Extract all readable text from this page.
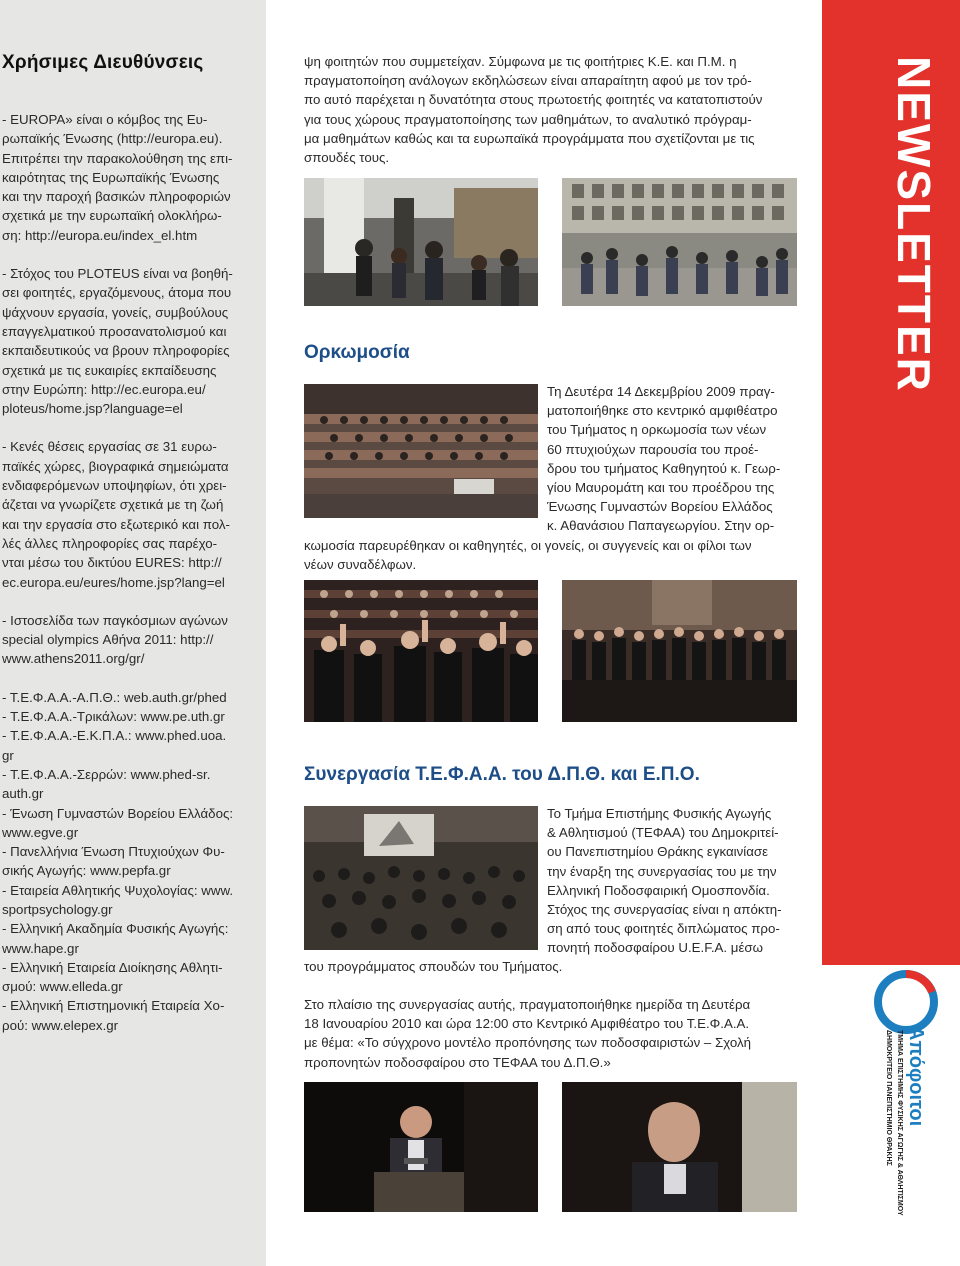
Χρήσιμες Διευθύνσεις

- EUROPA» είναι ο κόμβος της Ευ-
ρωπαϊκής Ένωσης (http://europa.eu).
Επιτρέπει την παρακολούθηση της επι-
καιρότητας της Ευρωπαϊκής Ένωσης
και την παροχή βασικών πληροφοριών
σχετικά με την ευρωπαϊκή ολοκλήρω-
ση: http://europa.eu/index_el.htm

- Στόχος του PLOTEUS είναι να βοηθή-
σει φοιτητές, εργαζόμενους, άτομα που
ψάχνουν εργασία, γονείς, συμβούλους
επαγγελματικού προσανατολισμού και
εκπαιδευτικούς να βρουν πληροφορίες
σχετικά με τις ευκαιρίες εκπαίδευσης
στην Ευρώπη: http://ec.europa.eu/
ploteus/home.jsp?language=el

- Κενές θέσεις εργασίας σε 31 ευρω-
παϊκές χώρες, βιογραφικά σημειώματα
ενδιαφερόμενων υποψηφίων, ότι χρει-
άζεται να γνωρίζετε σχετικά με τη ζωή
και την εργασία στο εξωτερικό και πολ-
λές άλλες πληροφορίες σας παρέχο-
νται μέσω του δικτύου EURES: http://
ec.europa.eu/eures/home.jsp?lang=el

- Ιστοσελίδα των παγκόσμιων αγώνων
special olympics Αθήνα 2011: http://
www.athens2011.org/gr/

- Τ.Ε.Φ.Α.Α.-Α.Π.Θ.: web.auth.gr/phed
- Τ.Ε.Φ.Α.Α.-Τρικάλων: www.pe.uth.gr
- Τ.Ε.Φ.Α.Α.-Ε.Κ.Π.Α.: www.phed.uoa.
gr
- Τ.Ε.Φ.Α.Α.-Σερρών: www.phed-sr.
auth.gr
- Ένωση Γυμναστών Βορείου Ελλάδος:
www.egve.gr
- Πανελλήνια Ένωση Πτυχιούχων Φυ-
σικής Αγωγής: www.pepfa.gr
- Εταιρεία Αθλητικής Ψυχολογίας: www.
sportpsychology.gr
- Ελληνική Ακαδημία Φυσικής Αγωγής:
www.hape.gr
- Ελληνική Εταιρεία Διοίκησης Αθλητι-
σμού: www.elleda.gr
- Ελληνική Επιστημονική Εταιρεία Χο-
ρού: www.elepex.gr

ψη φοιτητών που συμμετείχαν. Σύμφωνα με τις φοιτήτριες Κ.Ε. και Π.Μ. η
πραγματοποίηση ανάλογων εκδηλώσεων είναι απαραίτητη αφού με τον τρό-
πο αυτό παρέχεται η δυνατότητα στους πρωτοετής φοιτητές να κατατοπιστούν
για τους χώρους πραγματοποίησης των μαθημάτων, το αναλυτικό πρόγραμ-
μα μαθημάτων καθώς και τα ευρωπαϊκά προγράμματα που σχετίζονται με τις
σπουδές τους.

Ορκωμοσία
Τη Δευτέρα 14 Δεκεμβρίου 2009 πραγ-
ματοποιήθηκε στο κεντρικό αμφιθέατρο
του Τμήματος η ορκωμοσία των νέων
60 πτυχιούχων παρουσία του προέ-
δρου του τμήματος Καθηγητού κ. Γεωρ-
γίου Μαυρομάτη και του προέδρου της
Ένωσης Γυμναστών Βορείου Ελλάδος
κ. Αθανάσιου Παπαγεωργίου. Στην ορ-
κωμοσία παρευρέθηκαν οι καθηγητές, οι γονείς, οι συγγενείς και οι φίλοι των
νέων συναδέλφων.
Συνεργασία Τ.Ε.Φ.Α.Α. του Δ.Π.Θ. και Ε.Π.Ο.
Το Τμήμα Επιστήμης Φυσικής Αγωγής
& Αθλητισμού (ΤΕΦΑΑ) του Δημοκριτεί-
ου Πανεπιστημίου Θράκης εγκαινίασε
την έναρξη της συνεργασίας του με την
Ελληνική Ποδοσφαιρική Ομοσπονδία.
Στόχος της συνεργασίας είναι η απόκτη-
ση από τους φοιτητές διπλώματος προ-
πονητή ποδοσφαίρου U.E.F.A. μέσω
του προγράμματος σπουδών του Τμήματος.
Στο πλαίσιο της συνεργασίας αυτής, πραγματοποιήθηκε ημερίδα τη Δευτέρα
18 Ιανουαρίου 2010 και ώρα 12:00 στο Κεντρικό Αμφιθέατρο του Τ.Ε.Φ.Α.Α.
με θέμα: «Το σύγχρονο μοντέλο προπόνησης των ποδοσφαιριστών – Σχολή
προπονητών ποδοσφαίρου στο ΤΕΦΑΑ του Δ.Π.Θ.»
NEWSLETTER
Απόφοιτοι
ΤΜΗΜΑ ΕΠΙΣΤΗΜΗΣ ΦΥΣΙΚΗΣ ΑΓΩΓΗΣ & ΑΘΛΗΤΙΣΜΟΥ
ΔΗΜΟΚΡΙΤΕΙΟ ΠΑΝΕΠΙΣΤΗΜΙΟ ΘΡΑΚΗΣ
